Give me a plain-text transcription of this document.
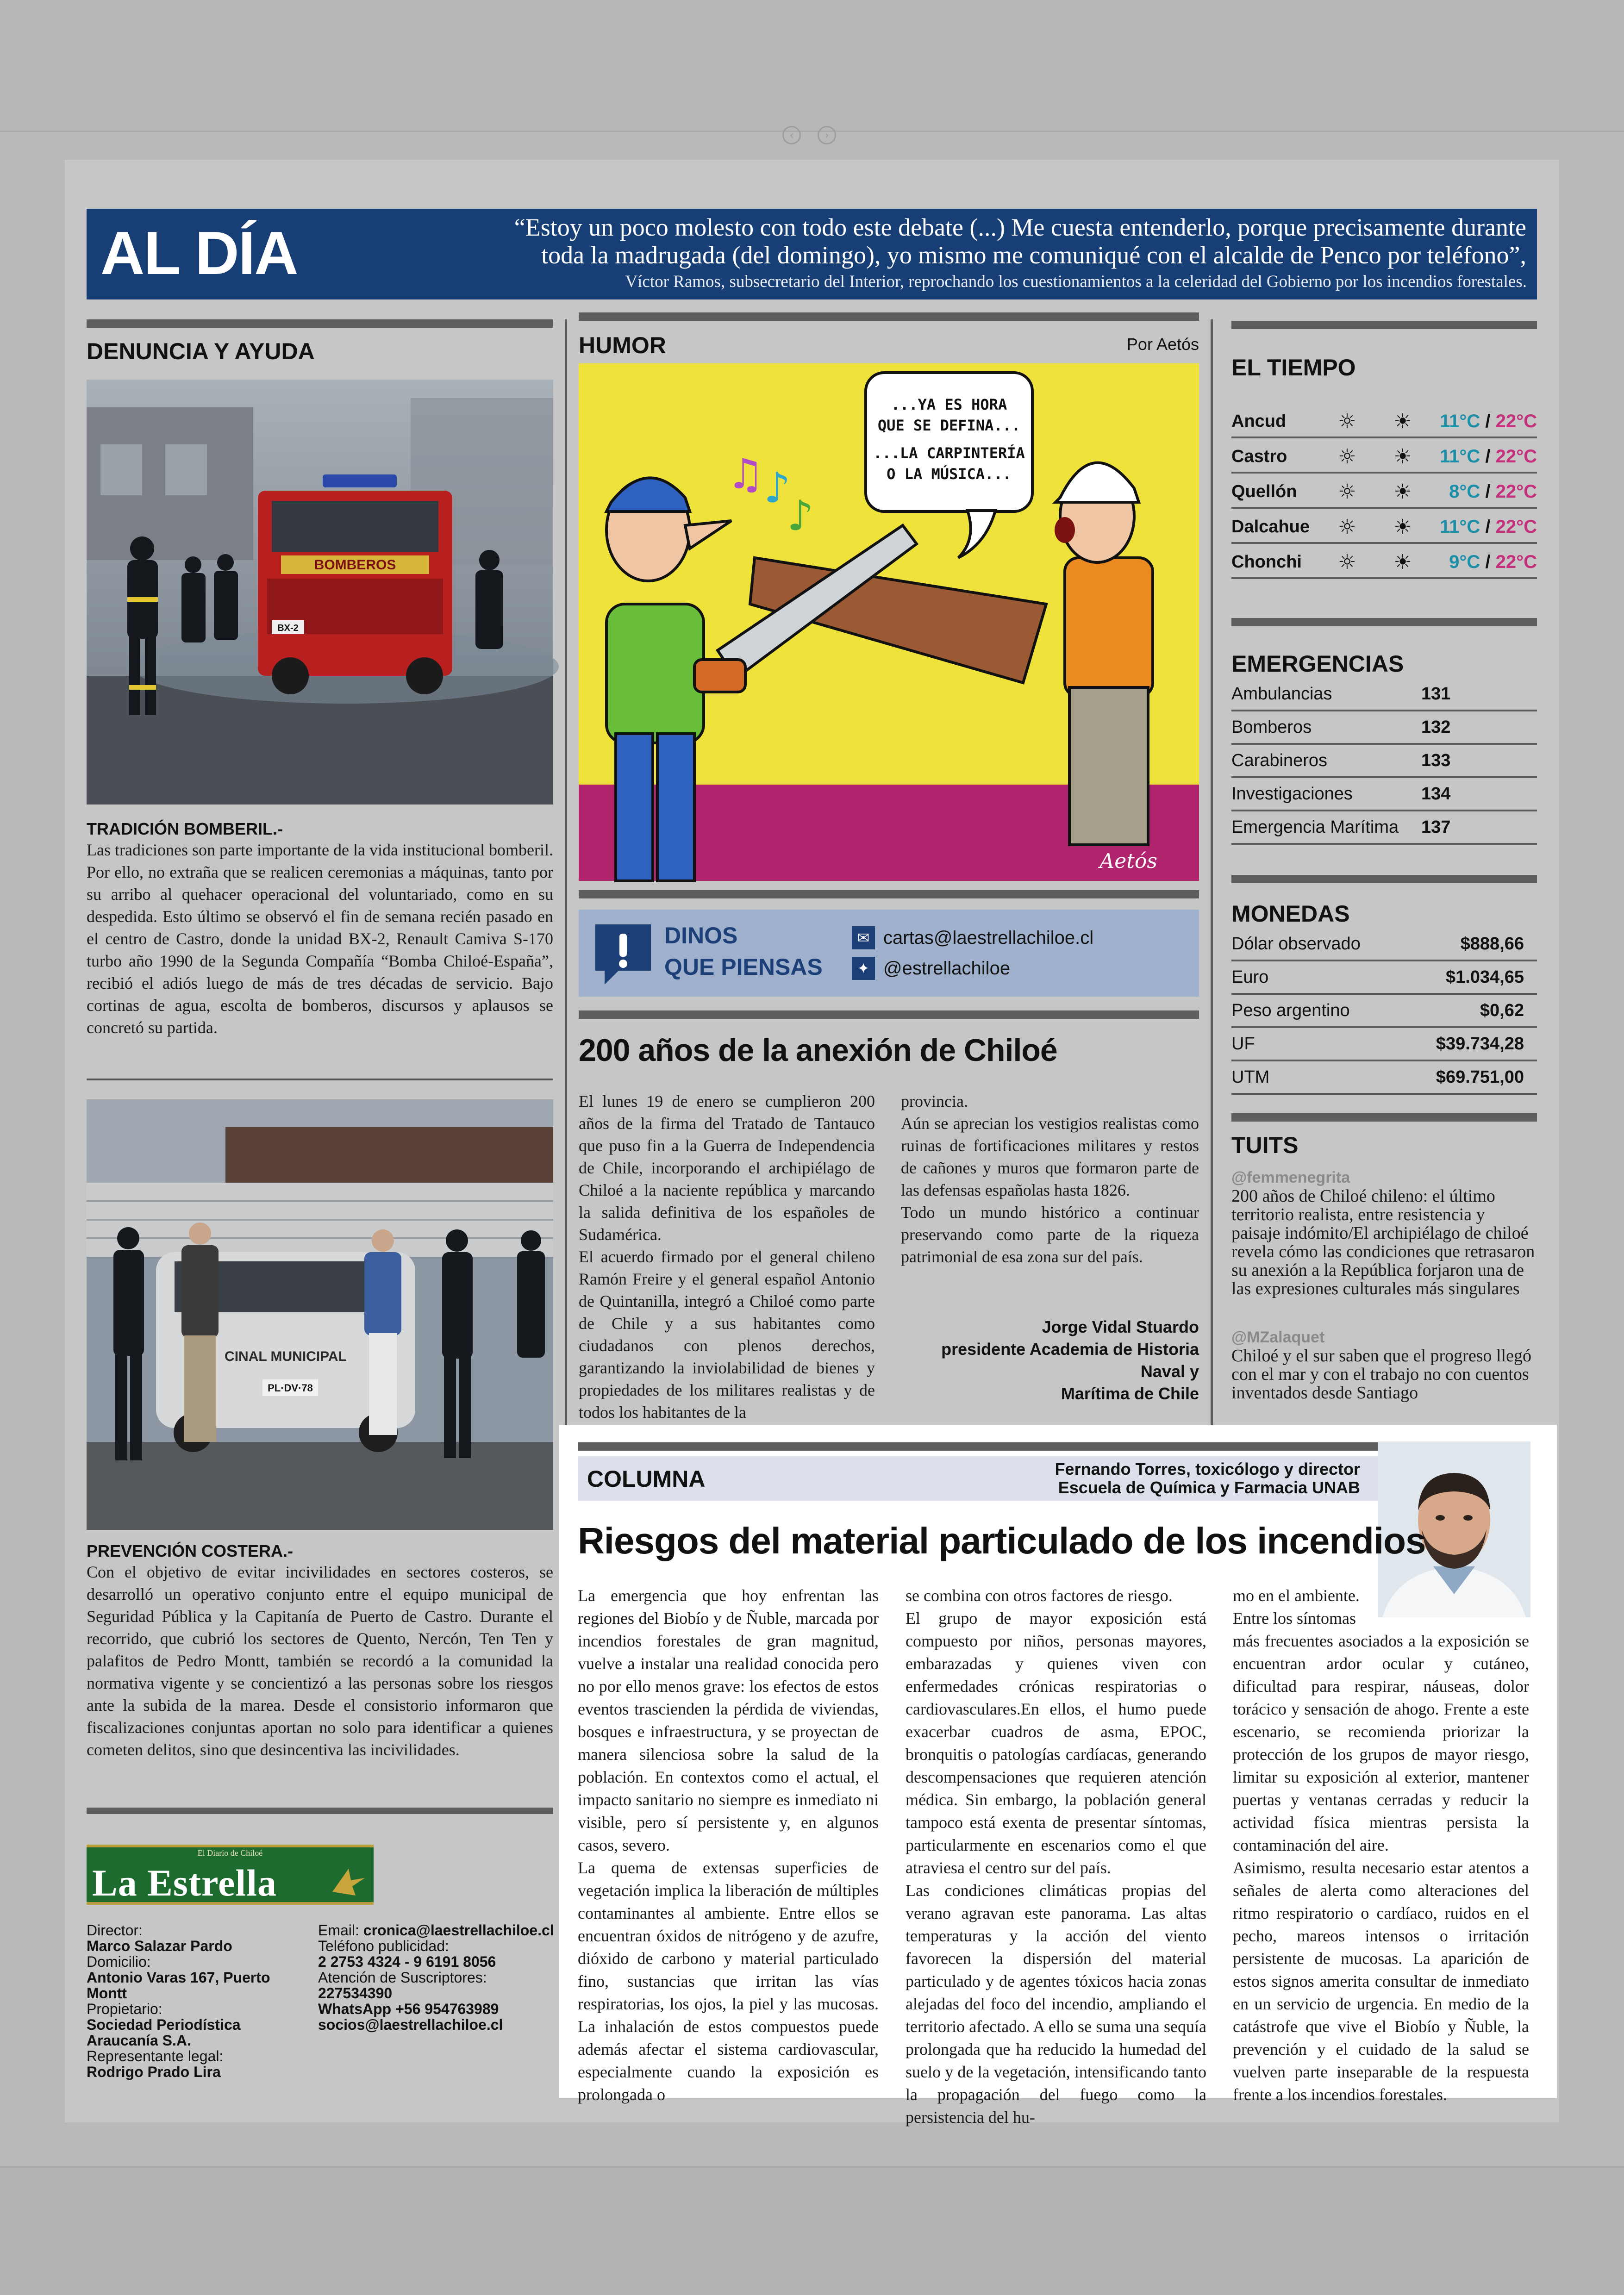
‹	›
AL DÍA	“Estoy un poco molesto con todo este debate (...) Me cuesta entenderlo, porque precisamente durante
toda la madrugada (del domingo), yo mismo me comuniqué con el alcalde de Penco por teléfono”,
Víctor Ramos, subsecretario del Interior, reprochando los cuestionamientos a la celeridad del Gobierno por los incendios forestales.
DENUNCIA Y AYUDA
BOMBEROS
BX-2
TRADICIÓN BOMBERIL.-
Las tradiciones son parte importante de la vida institucional bomberil. Por ello, no extraña que se realicen ceremonias a máquinas, tanto por su arribo al quehacer operacional del voluntariado, como en su despedida. Esto último se observó el fin de semana recién pasado en el centro de Castro, donde la unidad BX-2, Renault Camiva S-170 turbo año 1990 de la Segunda Compañía “Bomba Chiloé-España”, recibió el adiós luego de más de tres décadas de servicio. Bajo cortinas de agua, escolta de bomberos, discursos y aplausos se concretó su partida.
CINAL MUNICIPAL
PL·DV·78
PREVENCIÓN COSTERA.-
Con el objetivo de evitar incivilidades en sectores costeros, se desarrolló un operativo conjunto entre el equipo municipal de Seguridad Pública y la Capitanía de Puerto de Castro. Durante el recorrido, que cubrió los sectores de Quento, Nercón, Ten Ten y palafitos de Pedro Montt, también se recordó a la comunidad la normativa vigente y se concientizó a las personas sobre los riesgos ante la subida de la marea. Desde el consistorio informaron que fiscalizaciones conjuntas aportan no solo para identificar a quienes cometen delitos, sino que desincentiva las incivilidades.
El Diario de Chiloé
La Estrella
Director:
Marco Salazar Pardo
Domicilio:
Antonio Varas 167, Puerto Montt
Propietario:
Sociedad Periodística Araucanía S.A.
Representante legal:
Rodrigo Prado Lira
Email: cronica@laestrellachiloe.cl
Teléfono publicidad:
2 2753 4324 - 9 6191 8056
Atención de Suscriptores:
227534390
WhatsApp +56 954763989
socios@laestrellachiloe.cl
HUMOR	Por Aetós
♫ ♪
♪
...YA ES HORA
QUE SE DEFINA...
...LA CARPINTERÍA
O LA MÚSICA...
Aetós
DINOS
QUE PIENSAS
✉ cartas@laestrellachiloe.cl
✦ @estrellachiloe
200 años de la anexión de Chiloé
El lunes 19 de enero se cumplieron 200 años de la firma del Tratado de Tantauco que puso fin a la Guerra de Independencia de Chile, incorporando el archipiélago de Chiloé a la naciente república y marcando la salida definitiva de los españoles de Sudamérica.
El acuerdo firmado por el general chileno Ramón Freire y el general español Antonio de Quintanilla, integró a Chiloé como parte de Chile y a sus habitantes como ciudadanos con plenos derechos, garantizando la inviolabilidad de bienes y propiedades de los militares realistas y de todos los habitantes de la
provincia.
Aún se aprecian los vestigios realistas como ruinas de fortificaciones militares y restos de cañones y muros que formaron parte de las defensas españolas hasta 1826.
Todo un mundo histórico a continuar preservando como parte de la riqueza patrimonial de esa zona sur del país.
Jorge Vidal Stuardo
presidente Academia de Historia Naval y
Marítima de Chile
EL TIEMPO
Ancud	☼	☀	11°C / 22°C
Castro	☼	☀	11°C / 22°C
Quellón	☼	☀	8°C / 22°C
Dalcahue	☼	☀	11°C / 22°C
Chonchi	☼	☀	9°C / 22°C
EMERGENCIAS
Ambulancias	131
Bomberos	132
Carabineros	133
Investigaciones	134
Emergencia Marítima 137
MONEDAS
Dólar observado	$888,66
Euro	$1.034,65
Peso argentino	$0,62
UF	$39.734,28
UTM	$69.751,00
TUITS
@femmenegrita
200 años de Chiloé chileno: el último territorio realista, entre resistencia y paisaje indómito/El archipiélago de chiloé revela cómo las condiciones que retrasaron su anexión a la República forjaron una de las expresiones culturales más singulares
@MZalaquet
Chiloé y el sur saben que el progreso llegó con el mar y con el trabajo no con cuentos inventados desde Santiago
COLUMNA	Fernando Torres, toxicólogo y director
Escuela de Química y Farmacia UNAB
Riesgos del material particulado de los incendios
La emergencia que hoy enfrentan las regiones del Biobío y de Ñuble, marcada por incendios forestales de gran magnitud, vuelve a instalar una realidad conocida pero no por ello menos grave: los efectos de estos eventos trascienden la pérdida de viviendas, bosques e infraestructura, y se proyectan de manera silenciosa sobre la salud de la población. En contextos como el actual, el impacto sanitario no siempre es inmediato ni visible, pero sí persistente y, en algunos casos, severo.
La quema de extensas superficies de vegetación implica la liberación de múltiples contaminantes al ambiente. Entre ellos se encuentran óxidos de nitrógeno y de azufre, dióxido de carbono y material particulado fino, sustancias que irritan las vías respiratorias, los ojos, la piel y las mucosas. La inhalación de estos compuestos puede además afectar el sistema cardiovascular, especialmente cuando la exposición es prolongada o
se combina con otros factores de riesgo.
El grupo de mayor exposición está compuesto por niños, personas mayores, embarazadas y quienes viven con enfermedades crónicas respiratorias o cardiovasculares.En ellos, el humo puede exacerbar cuadros de asma, EPOC, bronquitis o patologías cardíacas, generando descompensaciones que requieren atención médica. Sin embargo, la población general tampoco está exenta de presentar síntomas, particularmente en escenarios como el que atraviesa el centro sur del país.
Las condiciones climáticas propias del verano agravan este panorama. Las altas temperaturas y la acción del viento favorecen la dispersión del material particulado y de agentes tóxicos hacia zonas alejadas del foco del incendio, ampliando el territorio afectado. A ello se suma una sequía prolongada que ha reducido la humedad del suelo y de la vegetación, intensificando tanto la propagación del fuego como la persistencia del hu-
mo en el ambiente.
Entre los síntomas
más frecuentes asociados a la exposición se encuentran ardor ocular y cutáneo, dificultad para respirar, náuseas, dolor torácico y sensación de ahogo. Frente a este escenario, se recomienda priorizar la protección de los grupos de mayor riesgo, limitar su exposición al exterior, mantener puertas y ventanas cerradas y reducir la actividad física mientras persista la contaminación del aire.
Asimismo, resulta necesario estar atentos a señales de alerta como alteraciones del ritmo respiratorio o cardíaco, ruidos en el pecho, mareos intensos o irritación persistente de mucosas. La aparición de estos signos amerita consultar de inmediato en un servicio de urgencia. En medio de la catástrofe que vive el Biobío y Ñuble, la prevención y el cuidado de la salud se vuelven parte inseparable de la respuesta frente a los incendios forestales.
